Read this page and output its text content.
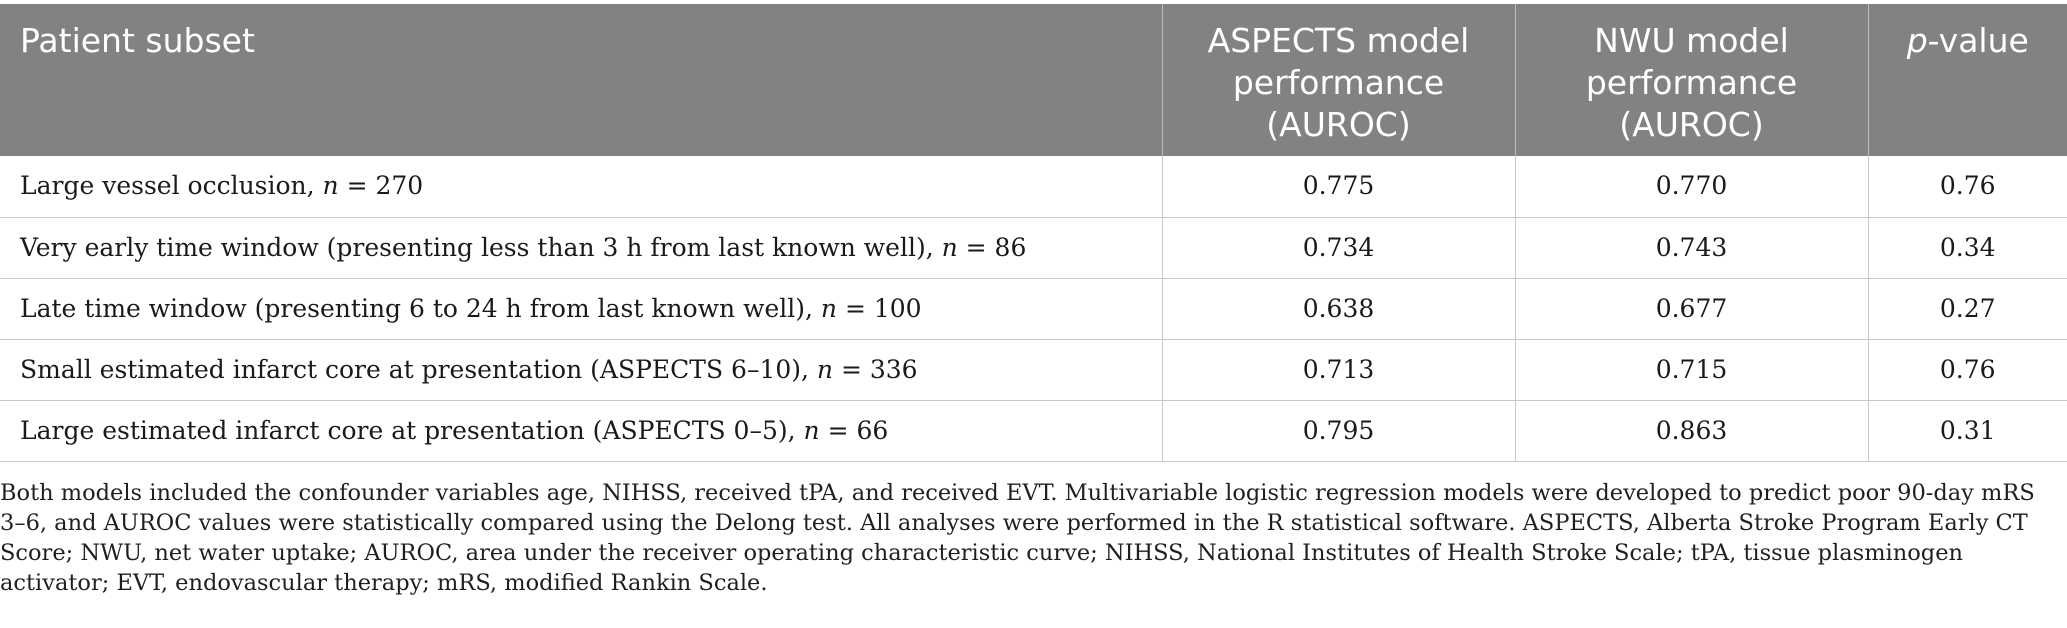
Patient subset	ASPECTS model performance (AUROC)	NWU model performance (AUROC)	p-value
Large vessel occlusion, n = 270	0.775	0.770	0.76
Very early time window (presenting less than 3 h from last known well), n = 86	0.734	0.743	0.34
Late time window (presenting 6 to 24 h from last known well), n = 100	0.638	0.677	0.27
Small estimated infarct core at presentation (ASPECTS 6–10), n = 336	0.713	0.715	0.76
Large estimated infarct core at presentation (ASPECTS 0–5), n = 66	0.795	0.863	0.31

Both models included the confounder variables age, NIHSS, received tPA, and received EVT. Multivariable logistic regression models were developed to predict poor 90-day mRS 3–6, and AUROC values were statistically compared using the Delong test. All analyses were performed in the R statistical software. ASPECTS, Alberta Stroke Program Early CT Score; NWU, net water uptake; AUROC, area under the receiver operating characteristic curve; NIHSS, National Institutes of Health Stroke Scale; tPA, tissue plasminogen activator; EVT, endovascular therapy; mRS, modified Rankin Scale.
